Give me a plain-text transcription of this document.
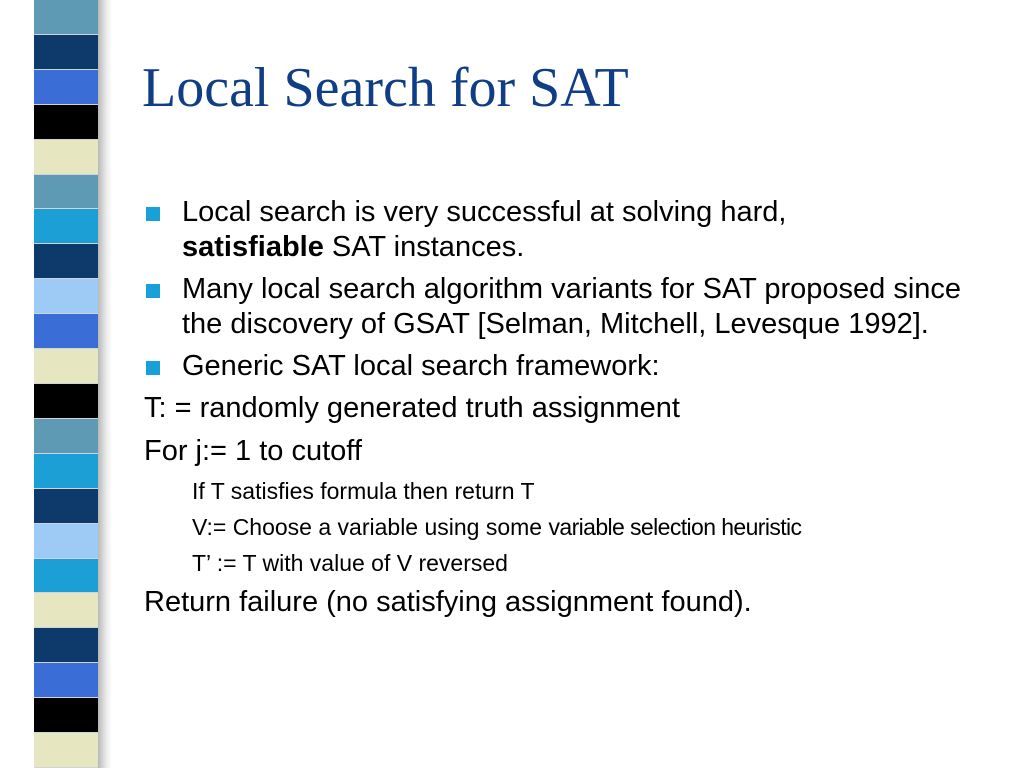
Local Search for SAT
Local search is very successful at solving hard,
satisfiable SAT instances.
Many local search algorithm variants for SAT proposed since the discovery of GSAT [Selman, Mitchell, Levesque 1992].
Generic SAT local search framework:
T: = randomly generated truth assignment
For j:= 1 to cutoff
If T satisfies formula then return T
V:= Choose a variable using some variable selection heuristic
T’ := T with value of V reversed
Return failure (no satisfying assignment found).
